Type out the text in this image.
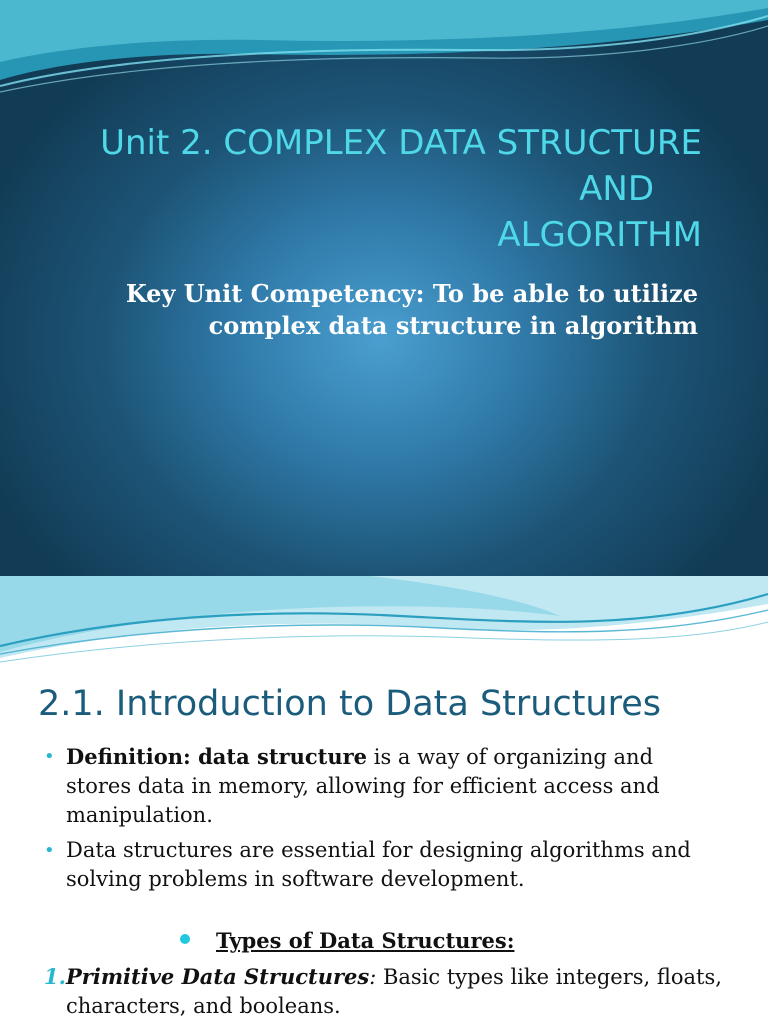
Unit 2. COMPLEX DATA STRUCTURE
AND
ALGORITHM

Key Unit Competency: To be able to utilize complex data structure in algorithm

2.1. Introduction to Data Structures
• Definition: data structure is a way of organizing and stores data in memory, allowing for efficient access and manipulation.
• Data structures are essential for designing algorithms and solving problems in software development.
Types of Data Structures:
1. Primitive Data Structures: Basic types like integers, floats, characters, and booleans.
